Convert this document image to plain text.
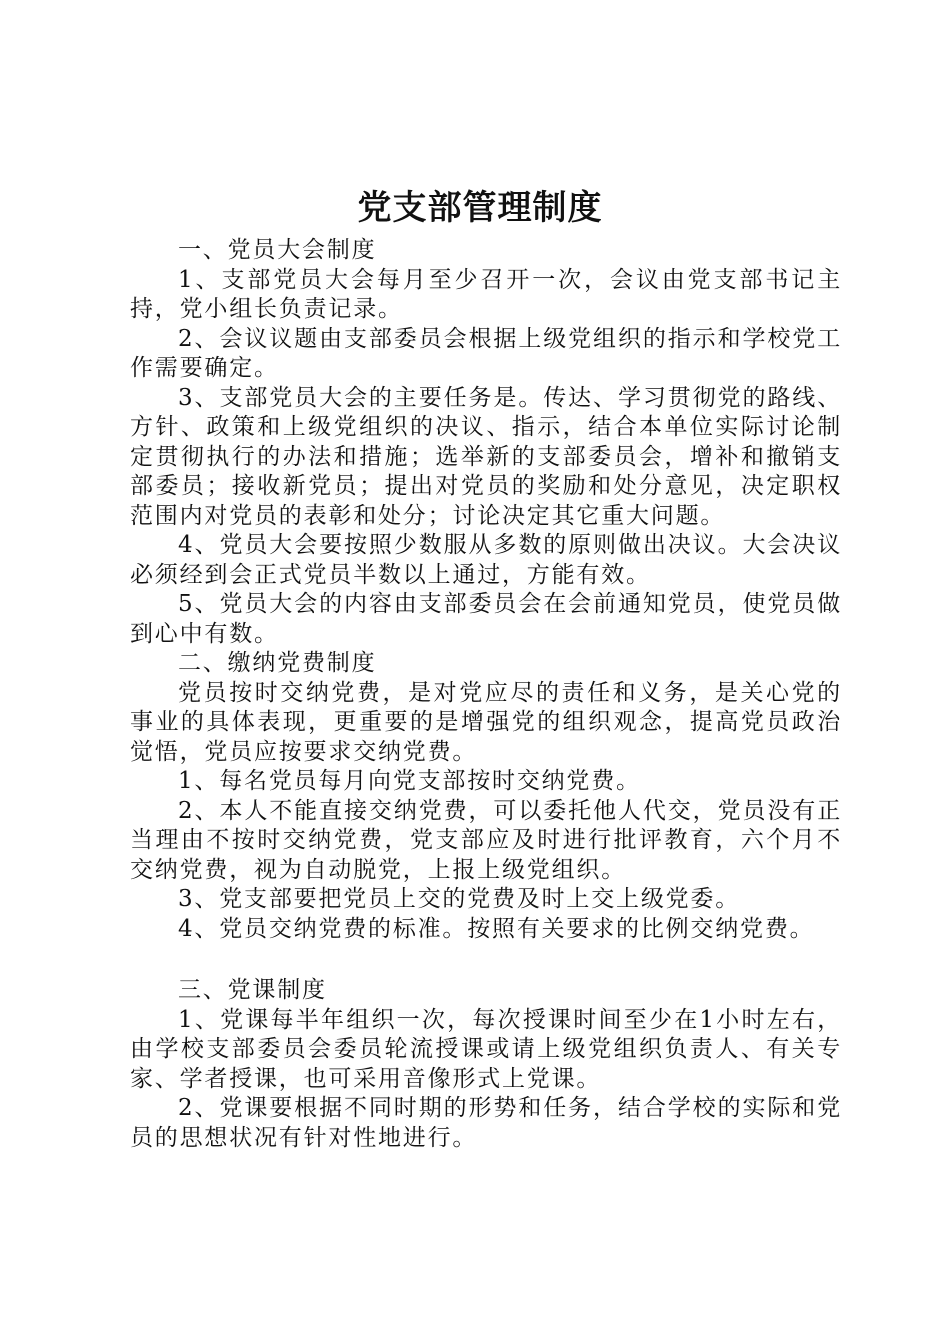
党支部管理制度

一、党员大会制度

1、支部党员大会每月至少召开一次，会议由党支部书记主持，党小组长负责记录。

2、会议议题由支部委员会根据上级党组织的指示和学校党工作需要确定。

3、支部党员大会的主要任务是。传达、学习贯彻党的路线、方针、政策和上级党组织的决议、指示，结合本单位实际讨论制定贯彻执行的办法和措施；选举新的支部委员会，增补和撤销支部委员；接收新党员；提出对党员的奖励和处分意见，决定职权范围内对党员的表彰和处分；讨论决定其它重大问题。

4、党员大会要按照少数服从多数的原则做出决议。大会决议必须经到会正式党员半数以上通过，方能有效。

5、党员大会的内容由支部委员会在会前通知党员，使党员做到心中有数。

二、缴纳党费制度

党员按时交纳党费，是对党应尽的责任和义务，是关心党的事业的具体表现，更重要的是增强党的组织观念，提高党员政治觉悟，党员应按要求交纳党费。

1、每名党员每月向党支部按时交纳党费。

2、本人不能直接交纳党费，可以委托他人代交，党员没有正当理由不按时交纳党费，党支部应及时进行批评教育，六个月不交纳党费，视为自动脱党，上报上级党组织。

3、党支部要把党员上交的党费及时上交上级党委。

4、党员交纳党费的标准。按照有关要求的比例交纳党费。

三、党课制度

1、党课每半年组织一次，每次授课时间至少在1小时左右，由学校支部委员会委员轮流授课或请上级党组织负责人、有关专家、学者授课，也可采用音像形式上党课。

2、党课要根据不同时期的形势和任务，结合学校的实际和党员的思想状况有针对性地进行。
